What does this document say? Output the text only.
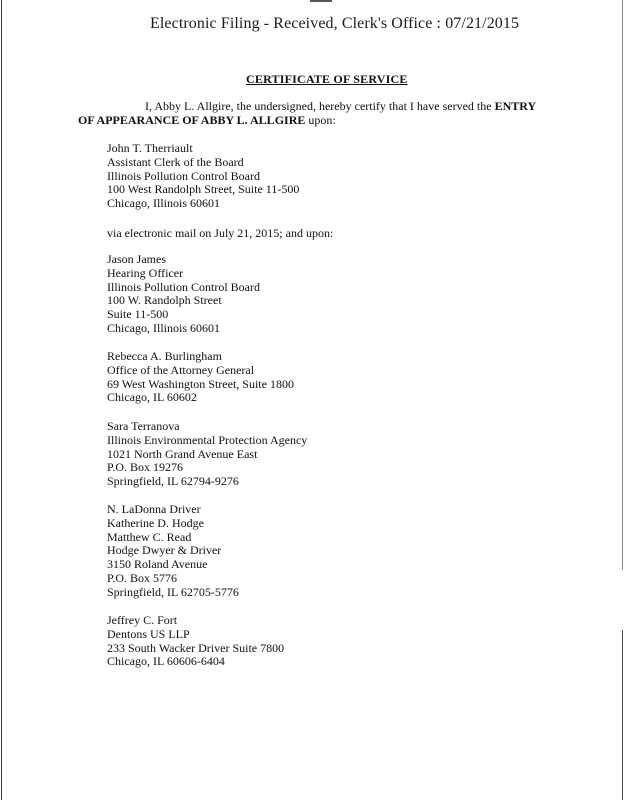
Electronic Filing - Received, Clerk's Office : 07/21/2015
CERTIFICATE OF SERVICE
I, Abby L. Allgire, the undersigned, hereby certify that I have served the ENTRY
OF APPEARANCE OF ABBY L. ALLGIRE upon:
John T. Therriault
Assistant Clerk of the Board
Illinois Pollution Control Board
100 West Randolph Street, Suite 11-500
Chicago, Illinois 60601
via electronic mail on July 21, 2015; and upon:
Jason James
Hearing Officer
Illinois Pollution Control Board
100 W. Randolph Street
Suite 11-500
Chicago, Illinois 60601
Rebecca A. Burlingham
Office of the Attorney General
69 West Washington Street, Suite 1800
Chicago, IL 60602
Sara Terranova
Illinois Environmental Protection Agency
1021 North Grand Avenue East
P.O. Box 19276
Springfield, IL 62794-9276
N. LaDonna Driver
Katherine D. Hodge
Matthew C. Read
Hodge Dwyer & Driver
3150 Roland Avenue
P.O. Box 5776
Springfield, IL 62705-5776
Jeffrey C. Fort
Dentons US LLP
233 South Wacker Driver Suite 7800
Chicago, IL 60606-6404
